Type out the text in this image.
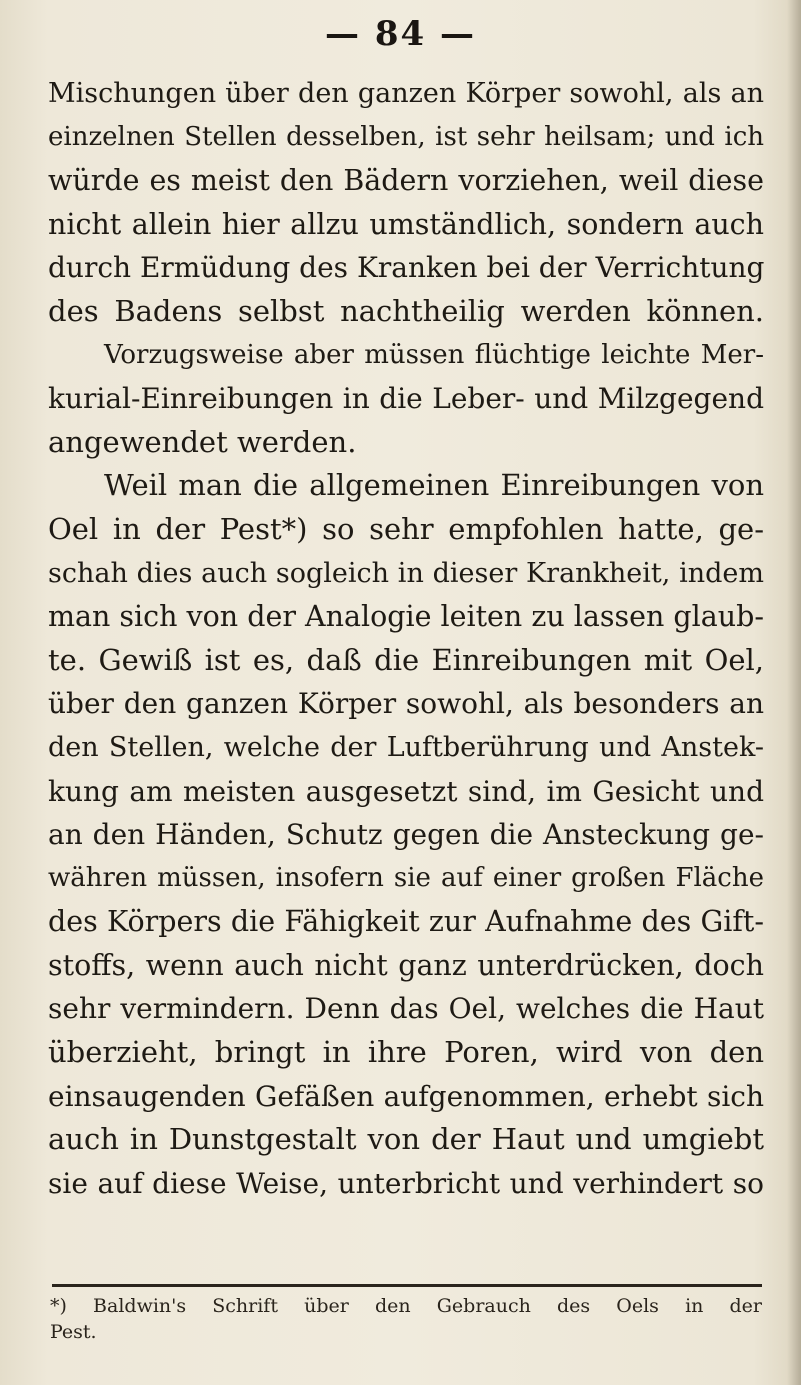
— 84 —
Mischungen über den ganzen Körper sowohl, als an
einzelnen Stellen desselben, ist sehr heilsam; und ich
würde es meist den Bädern vorziehen, weil diese
nicht allein hier allzu umständlich, sondern auch
durch Ermüdung des Kranken bei der Verrichtung
des Badens selbst nachtheilig werden können.
Vorzugsweise aber müssen flüchtige leichte Mer-
kurial-Einreibungen in die Leber- und Milzgegend
angewendet werden.
Weil man die allgemeinen Einreibungen von
Oel in der Pest*) so sehr empfohlen hatte, ge-
schah dies auch sogleich in dieser Krankheit, indem
man sich von der Analogie leiten zu lassen glaub-
te. Gewiß ist es, daß die Einreibungen mit Oel,
über den ganzen Körper sowohl, als besonders an
den Stellen, welche der Luftberührung und Anstek-
kung am meisten ausgesetzt sind, im Gesicht und
an den Händen, Schutz gegen die Ansteckung ge-
währen müssen, insofern sie auf einer großen Fläche
des Körpers die Fähigkeit zur Aufnahme des Gift-
stoffs, wenn auch nicht ganz unterdrücken, doch
sehr vermindern. Denn das Oel, welches die Haut
überzieht, bringt in ihre Poren, wird von den
einsaugenden Gefäßen aufgenommen, erhebt sich
auch in Dunstgestalt von der Haut und umgiebt
sie auf diese Weise, unterbricht und verhindert so
*) Baldwin's Schrift über den Gebrauch des Oels in der
Pest.
